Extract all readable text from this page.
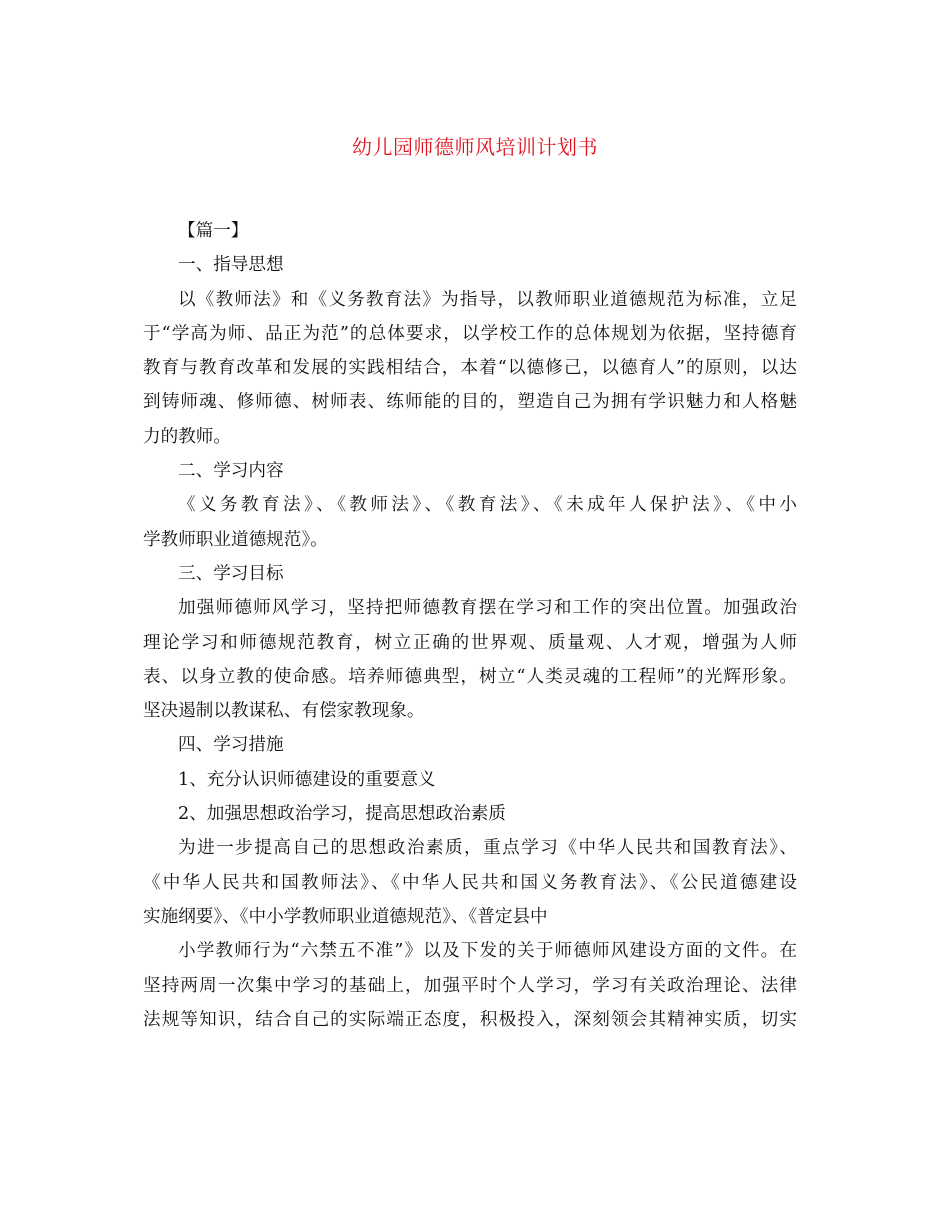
幼儿园师德师风培训计划书
【篇一】
一、指导思想
以《教师法》和《义务教育法》为指导，以教师职业道德规范为标准，立足
于“学高为师、品正为范”的总体要求，以学校工作的总体规划为依据，坚持德育
教育与教育改革和发展的实践相结合，本着“以德修己，以德育人”的原则，以达
到铸师魂、修师德、树师表、练师能的目的，塑造自己为拥有学识魅力和人格魅
力的教师。
二、学习内容
《义务教育法》、《教师法》、《教育法》、《未成年人保护法》、《中小
学教师职业道德规范》。
三、学习目标
加强师德师风学习，坚持把师德教育摆在学习和工作的突出位置。加强政治
理论学习和师德规范教育，树立正确的世界观、质量观、人才观，增强为人师
表、以身立教的使命感。培养师德典型，树立“人类灵魂的工程师”的光辉形象。
坚决遏制以教谋私、有偿家教现象。
四、学习措施
1、充分认识师德建设的重要意义
2、加强思想政治学习，提高思想政治素质
为进一步提高自己的思想政治素质，重点学习《中华人民共和国教育法》、
《中华人民共和国教师法》、《中华人民共和国义务教育法》、《公民道德建设
实施纲要》、《中小学教师职业道德规范》、《普定县中
小学教师行为“六禁五不准”》以及下发的关于师德师风建设方面的文件。在
坚持两周一次集中学习的基础上，加强平时个人学习，学习有关政治理论、法律
法规等知识，结合自己的实际端正态度，积极投入，深刻领会其精神实质，切实
